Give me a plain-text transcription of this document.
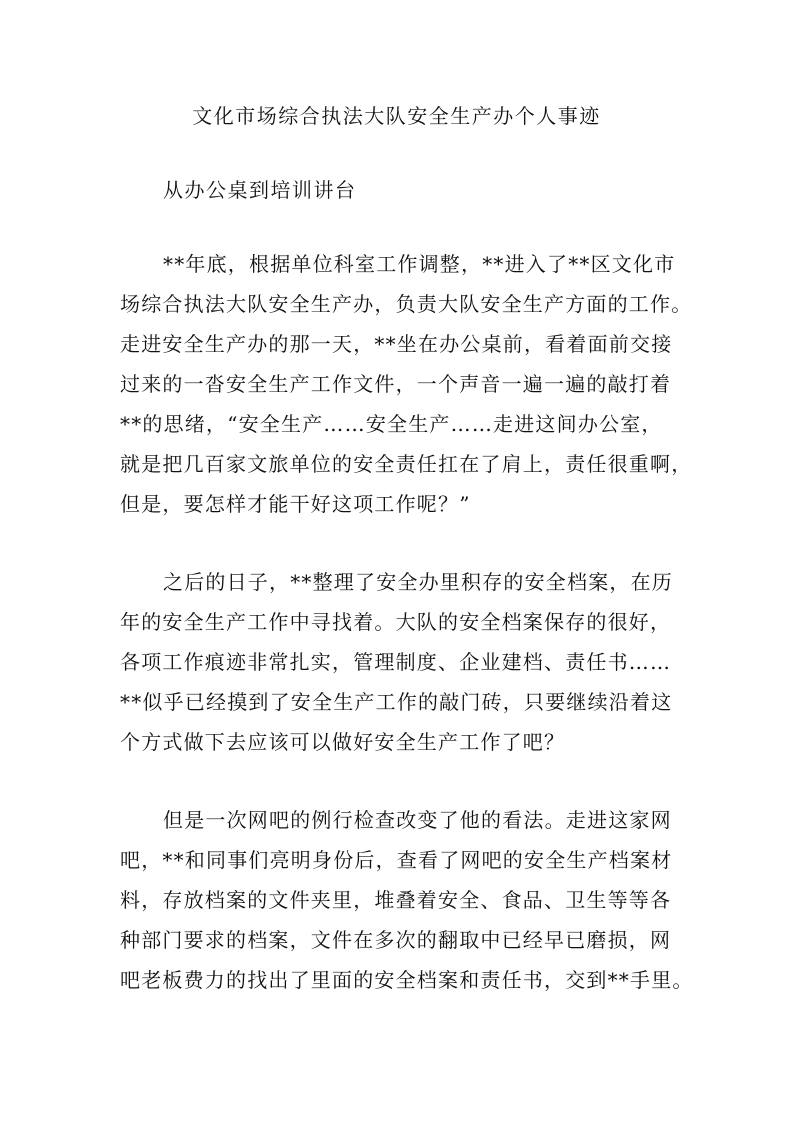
文化市场综合执法大队安全生产办个人事迹
从办公桌到培训讲台
**年底，根据单位科室工作调整，**进入了**区文化市
场综合执法大队安全生产办，负责大队安全生产方面的工作。
走进安全生产办的那一天，**坐在办公桌前，看着面前交接
过来的一沓安全生产工作文件，一个声音一遍一遍的敲打着
**的思绪，“安全生产……安全生产……走进这间办公室，
就是把几百家文旅单位的安全责任扛在了肩上，责任很重啊，
但是，要怎样才能干好这项工作呢？”
之后的日子，**整理了安全办里积存的安全档案，在历
年的安全生产工作中寻找着。大队的安全档案保存的很好，
各项工作痕迹非常扎实，管理制度、企业建档、责任书……
**似乎已经摸到了安全生产工作的敲门砖，只要继续沿着这
个方式做下去应该可以做好安全生产工作了吧？
但是一次网吧的例行检查改变了他的看法。走进这家网
吧，**和同事们亮明身份后，查看了网吧的安全生产档案材
料，存放档案的文件夹里，堆叠着安全、食品、卫生等等各
种部门要求的档案，文件在多次的翻取中已经早已磨损，网
吧老板费力的找出了里面的安全档案和责任书，交到**手里。
